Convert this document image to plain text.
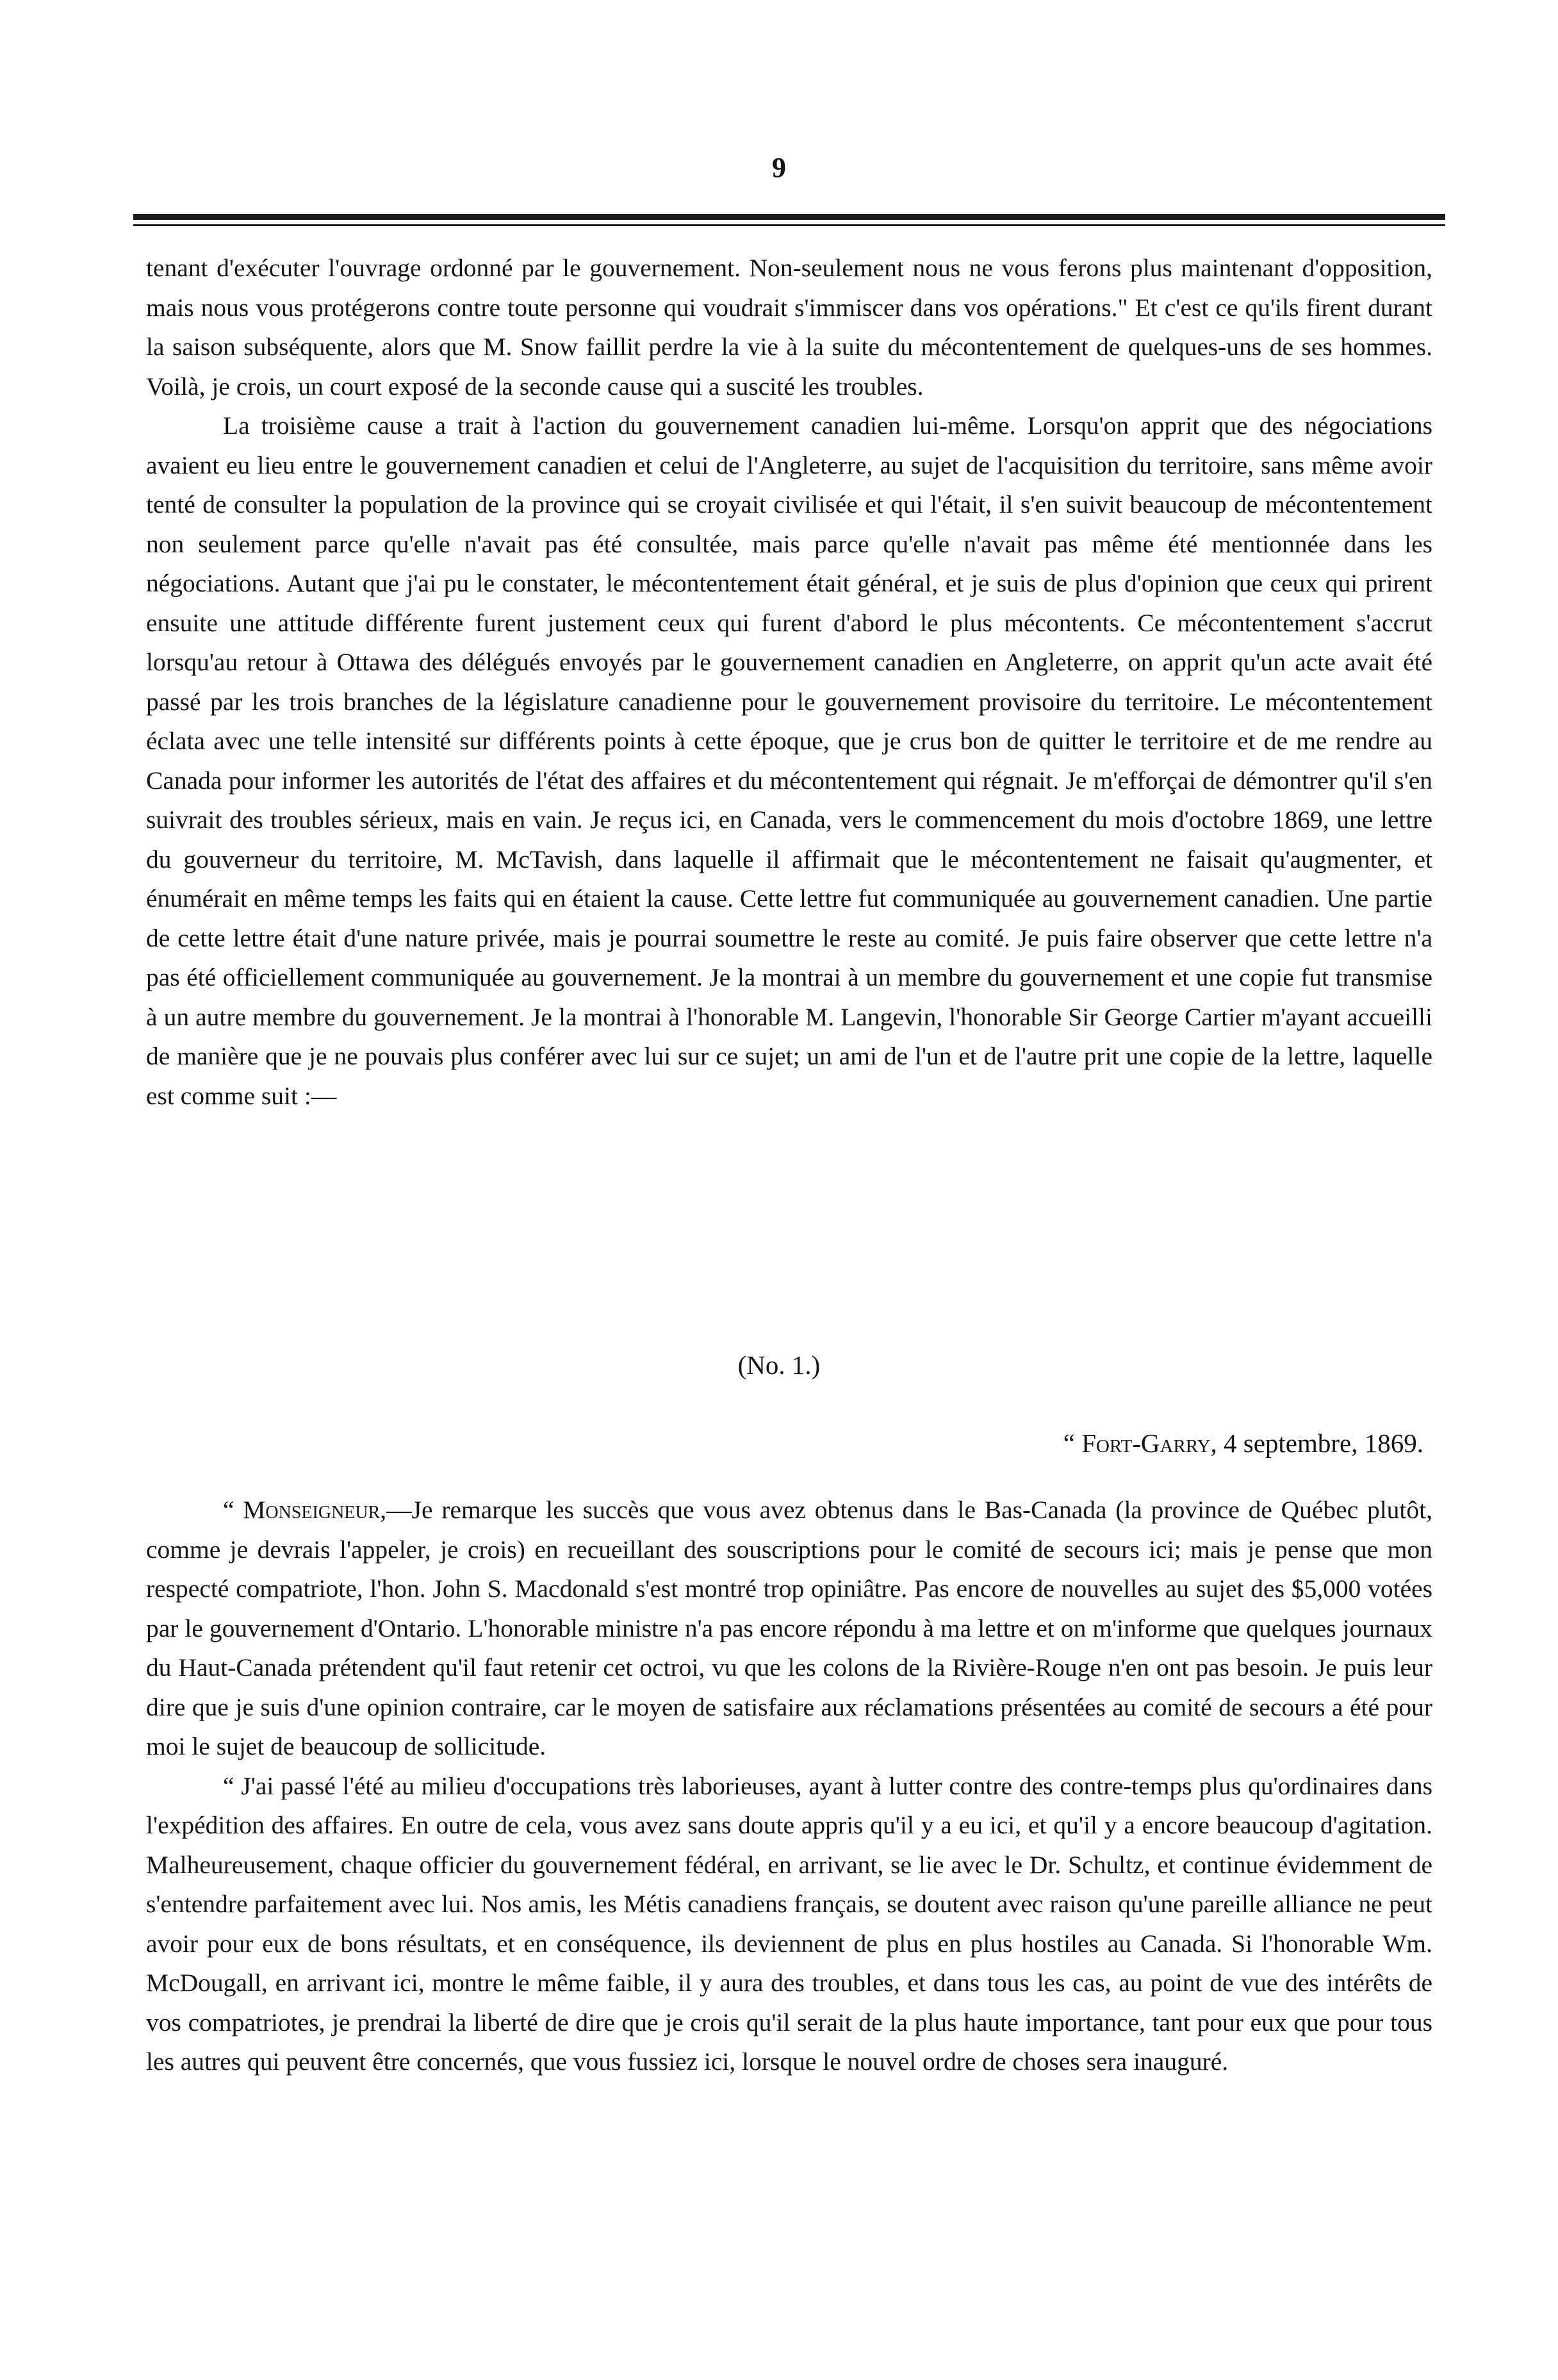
9

tenant d'exécuter l'ouvrage ordonné par le gouvernement. Non-seulement nous ne vous ferons plus maintenant d'opposition, mais nous vous protégerons contre toute personne qui voudrait s'immiscer dans vos opérations." Et c'est ce qu'ils firent durant la saison subséquente, alors que M. Snow faillit perdre la vie à la suite du mécontentement de quelques-uns de ses hommes. Voilà, je crois, un court exposé de la seconde cause qui a suscité les troubles.

La troisième cause a trait à l'action du gouvernement canadien lui-même. Lorsqu'on apprit que des négociations avaient eu lieu entre le gouvernement canadien et celui de l'Angleterre, au sujet de l'acquisition du territoire, sans même avoir tenté de consulter la population de la province qui se croyait civilisée et qui l'était, il s'en suivit beaucoup de mécontentement non seulement parce qu'elle n'avait pas été consultée, mais parce qu'elle n'avait pas même été mentionnée dans les négociations. Autant que j'ai pu le constater, le mécontentement était général, et je suis de plus d'opinion que ceux qui prirent ensuite une attitude différente furent justement ceux qui furent d'abord le plus mécontents. Ce mécontentement s'accrut lorsqu'au retour à Ottawa des délégués envoyés par le gouvernement canadien en Angleterre, on apprit qu'un acte avait été passé par les trois branches de la législature canadienne pour le gouvernement provisoire du territoire. Le mécontentement éclata avec une telle intensité sur différents points à cette époque, que je crus bon de quitter le territoire et de me rendre au Canada pour informer les autorités de l'état des affaires et du mécontentement qui régnait. Je m'efforçai de démontrer qu'il s'en suivrait des troubles sérieux, mais en vain. Je reçus ici, en Canada, vers le commencement du mois d'octobre 1869, une lettre du gouverneur du territoire, M. McTavish, dans laquelle il affirmait que le mécontentement ne faisait qu'augmenter, et énumérait en même temps les faits qui en étaient la cause. Cette lettre fut communiquée au gouvernement canadien. Une partie de cette lettre était d'une nature privée, mais je pourrai soumettre le reste au comité. Je puis faire observer que cette lettre n'a pas été officiellement communiquée au gouvernement. Je la montrai à un membre du gouvernement et une copie fut transmise à un autre membre du gouvernement. Je la montrai à l'honorable M. Langevin, l'honorable Sir George Cartier m'ayant accueilli de manière que je ne pouvais plus conférer avec lui sur ce sujet; un ami de l'un et de l'autre prit une copie de la lettre, laquelle est comme suit :—

(No. 1.)
“ Fort-Garry, 4 septembre, 1869.

“ Monseigneur,—Je remarque les succès que vous avez obtenus dans le Bas-Canada (la province de Québec plutôt, comme je devrais l'appeler, je crois) en recueillant des souscriptions pour le comité de secours ici; mais je pense que mon respecté compatriote, l'hon. John S. Macdonald s'est montré trop opiniâtre. Pas encore de nouvelles au sujet des $5,000 votées par le gouvernement d'Ontario. L'honorable ministre n'a pas encore répondu à ma lettre et on m'informe que quelques journaux du Haut-Canada prétendent qu'il faut retenir cet octroi, vu que les colons de la Rivière-Rouge n'en ont pas besoin. Je puis leur dire que je suis d'une opinion contraire, car le moyen de satisfaire aux réclamations présentées au comité de secours a été pour moi le sujet de beaucoup de sollicitude.

“ J'ai passé l'été au milieu d'occupations très laborieuses, ayant à lutter contre des contre-temps plus qu'ordinaires dans l'expédition des affaires. En outre de cela, vous avez sans doute appris qu'il y a eu ici, et qu'il y a encore beaucoup d'agitation. Malheureusement, chaque officier du gouvernement fédéral, en arrivant, se lie avec le Dr. Schultz, et continue évidemment de s'entendre parfaitement avec lui. Nos amis, les Métis canadiens français, se doutent avec raison qu'une pareille alliance ne peut avoir pour eux de bons résultats, et en conséquence, ils deviennent de plus en plus hostiles au Canada. Si l'honorable Wm. McDougall, en arrivant ici, montre le même faible, il y aura des troubles, et dans tous les cas, au point de vue des intérêts de vos compatriotes, je prendrai la liberté de dire que je crois qu'il serait de la plus haute importance, tant pour eux que pour tous les autres qui peuvent être concernés, que vous fussiez ici, lorsque le nouvel ordre de choses sera inauguré.
